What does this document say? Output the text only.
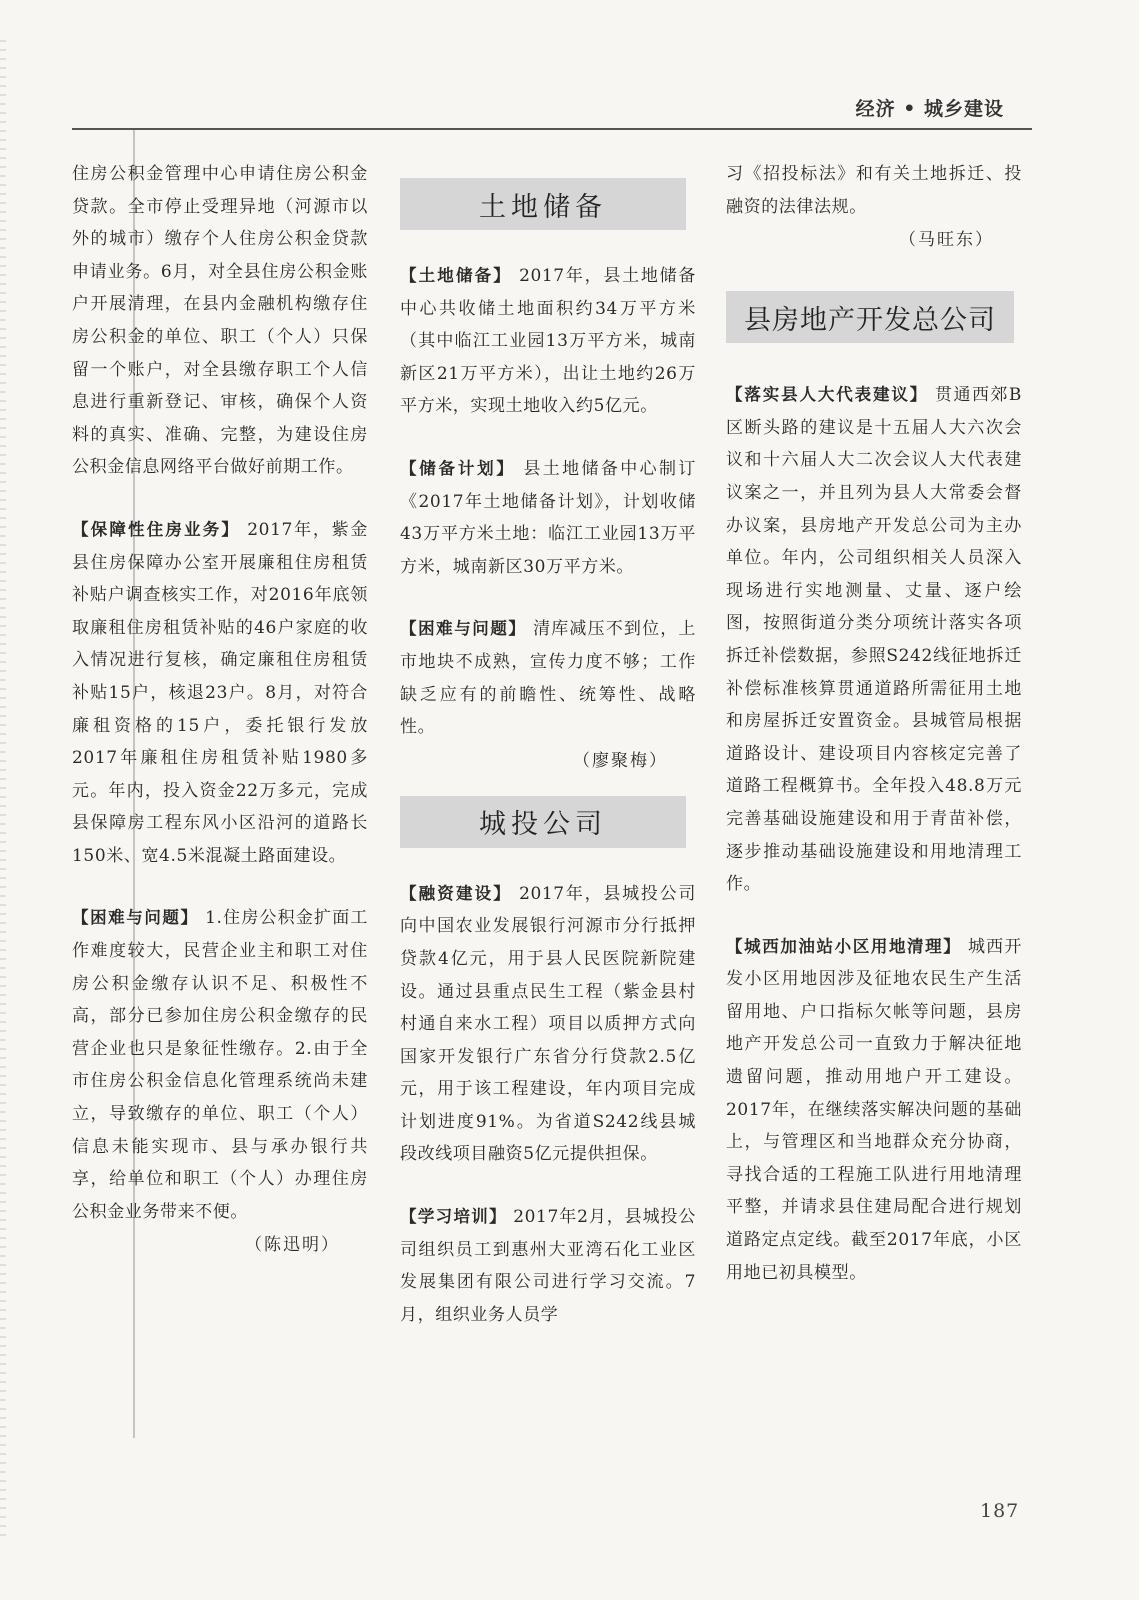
经济 • 城乡建设

住房公积金管理中心申请住房公积金贷款。全市停止受理异地（河源市以外的城市）缴存个人住房公积金贷款申请业务。6月，对全县住房公积金账户开展清理，在县内金融机构缴存住房公积金的单位、职工（个人）只保留一个账户，对全县缴存职工个人信息进行重新登记、审核，确保个人资料的真实、准确、完整，为建设住房公积金信息网络平台做好前期工作。

【保障性住房业务】 2017年，紫金县住房保障办公室开展廉租住房租赁补贴户调查核实工作，对2016年底领取廉租住房租赁补贴的46户家庭的收入情况进行复核，确定廉租住房租赁补贴15户，核退23户。8月，对符合廉租资格的15户，委托银行发放2017年廉租住房租赁补贴1980多元。年内，投入资金22万多元，完成县保障房工程东风小区沿河的道路长150米、宽4.5米混凝土路面建设。

【困难与问题】 1.住房公积金扩面工作难度较大，民营企业主和职工对住房公积金缴存认识不足、积极性不高，部分已参加住房公积金缴存的民营企业也只是象征性缴存。2.由于全市住房公积金信息化管理系统尚未建立，导致缴存的单位、职工（个人）信息未能实现市、县与承办银行共享，给单位和职工（个人）办理住房公积金业务带来不便。

（陈迅明）
土地储备

【土地储备】 2017年，县土地储备中心共收储土地面积约34万平方米（其中临江工业园13万平方米，城南新区21万平方米），出让土地约26万平方米，实现土地收入约5亿元。

【储备计划】 县土地储备中心制订《2017年土地储备计划》，计划收储43万平方米土地：临江工业园13万平方米，城南新区30万平方米。

【困难与问题】 清库减压不到位，上市地块不成熟，宣传力度不够；工作缺乏应有的前瞻性、统筹性、战略性。

（廖聚梅）
城投公司

【融资建设】 2017年，县城投公司向中国农业发展银行河源市分行抵押贷款4亿元，用于县人民医院新院建设。通过县重点民生工程（紫金县村村通自来水工程）项目以质押方式向国家开发银行广东省分行贷款2.5亿元，用于该工程建设，年内项目完成计划进度91%。为省道S242线县城段改线项目融资5亿元提供担保。

【学习培训】 2017年2月，县城投公司组织员工到惠州大亚湾石化工业区发展集团有限公司进行学习交流。7月，组织业务人员学

习《招投标法》和有关土地拆迁、投融资的法律法规。

（马旺东）
县房地产开发总公司

【落实县人大代表建议】 贯通西郊B区断头路的建议是十五届人大六次会议和十六届人大二次会议人大代表建议案之一，并且列为县人大常委会督办议案，县房地产开发总公司为主办单位。年内，公司组织相关人员深入现场进行实地测量、丈量、逐户绘图，按照街道分类分项统计落实各项拆迁补偿数据，参照S242线征地拆迁补偿标准核算贯通道路所需征用土地和房屋拆迁安置资金。县城管局根据道路设计、建设项目内容核定完善了道路工程概算书。全年投入48.8万元完善基础设施建设和用于青苗补偿，逐步推动基础设施建设和用地清理工作。

【城西加油站小区用地清理】 城西开发小区用地因涉及征地农民生产生活留用地、户口指标欠帐等问题，县房地产开发总公司一直致力于解决征地遗留问题，推动用地户开工建设。2017年，在继续落实解决问题的基础上，与管理区和当地群众充分协商，寻找合适的工程施工队进行用地清理平整，并请求县住建局配合进行规划道路定点定线。截至2017年底，小区用地已初具模型。

187
